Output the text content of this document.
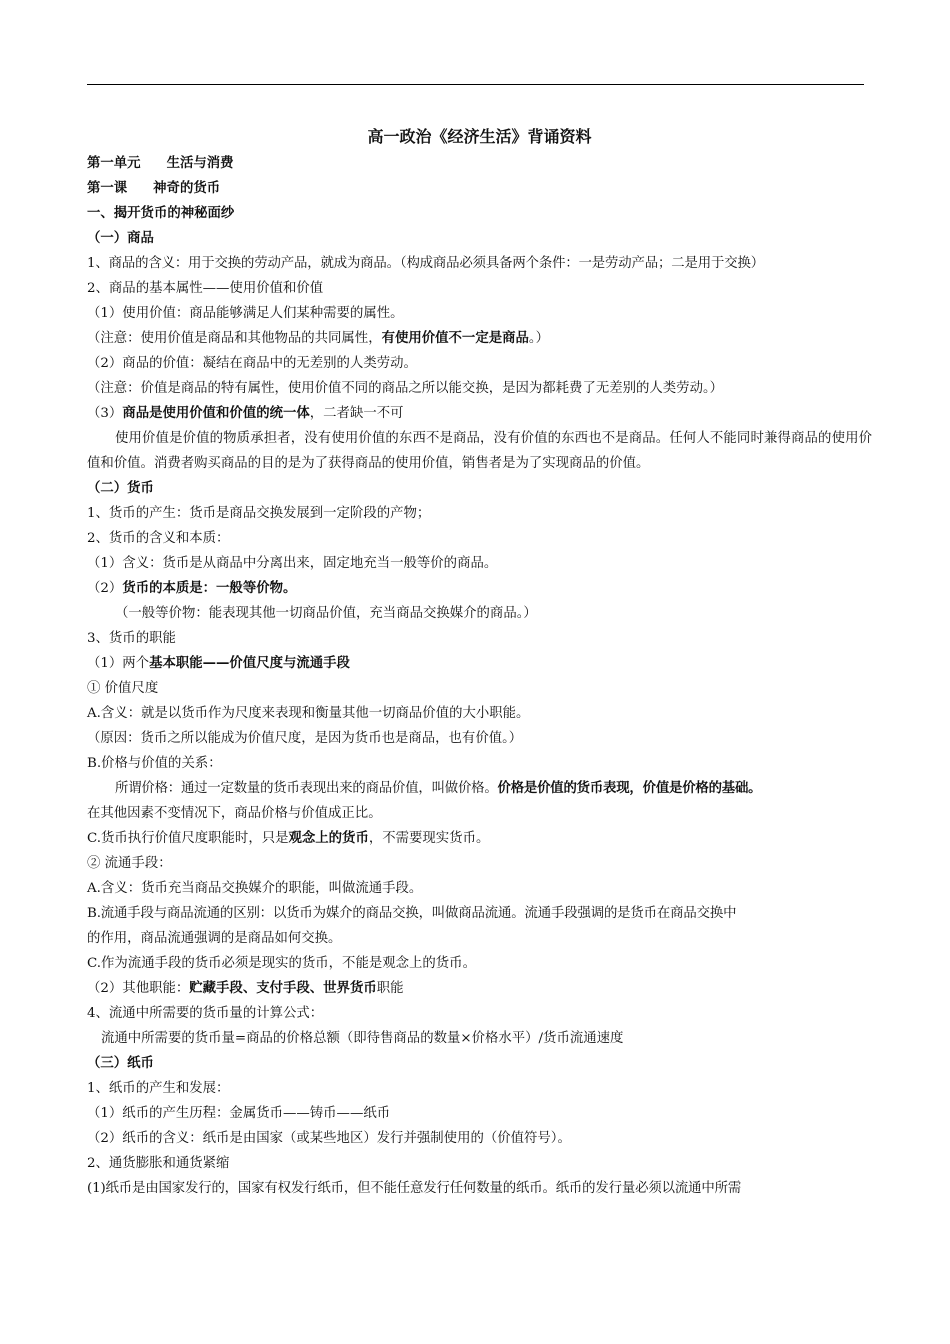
高一政治《经济生活》背诵资料
第一单元 生活与消费
第一课 神奇的货币
一、揭开货币的神秘面纱
（一）商品
1、商品的含义：用于交换的劳动产品，就成为商品。（构成商品必须具备两个条件：一是劳动产品；二是用于交换）
2、商品的基本属性——使用价值和价值
（1）使用价值：商品能够满足人们某种需要的属性。
（注意：使用价值是商品和其他物品的共同属性，有使用价值不一定是商品。）
（2）商品的价值：凝结在商品中的无差别的人类劳动。
（注意：价值是商品的特有属性，使用价值不同的商品之所以能交换，是因为都耗费了无差别的人类劳动。）
（3）商品是使用价值和价值的统一体，二者缺一不可
使用价值是价值的物质承担者，没有使用价值的东西不是商品，没有价值的东西也不是商品。任何人不能同时兼得商品的使用价值和价值。消费者购买商品的目的是为了获得商品的使用价值，销售者是为了实现商品的价值。
（二）货币
1、货币的产生：货币是商品交换发展到一定阶段的产物；
2、货币的含义和本质：
（1）含义：货币是从商品中分离出来，固定地充当一般等价的商品。
（2）货币的本质是：一般等价物。
（一般等价物：能表现其他一切商品价值，充当商品交换媒介的商品。）
3、货币的职能
（1）两个基本职能——价值尺度与流通手段
① 价值尺度
A.含义：就是以货币作为尺度来表现和衡量其他一切商品价值的大小职能。
（原因：货币之所以能成为价值尺度，是因为货币也是商品，也有价值。）
B.价格与价值的关系：
所谓价格：通过一定数量的货币表现出来的商品价值，叫做价格。价格是价值的货币表现，价值是价格的基础。
在其他因素不变情况下，商品价格与价值成正比。
C.货币执行价值尺度职能时，只是观念上的货币，不需要现实货币。
② 流通手段：
A.含义：货币充当商品交换媒介的职能，叫做流通手段。
B.流通手段与商品流通的区别：以货币为媒介的商品交换，叫做商品流通。流通手段强调的是货币在商品交换中
的作用，商品流通强调的是商品如何交换。
C.作为流通手段的货币必须是现实的货币，不能是观念上的货币。
（2）其他职能：贮藏手段、支付手段、世界货币职能
4、流通中所需要的货币量的计算公式：
流通中所需要的货币量=商品的价格总额（即待售商品的数量×价格水平）/货币流通速度
（三）纸币
1、纸币的产生和发展：
（1）纸币的产生历程：金属货币——铸币——纸币
（2）纸币的含义：纸币是由国家（或某些地区）发行并强制使用的（价值符号）。
2、通货膨胀和通货紧缩
(1)纸币是由国家发行的，国家有权发行纸币，但不能任意发行任何数量的纸币。纸币的发行量必须以流通中所需
